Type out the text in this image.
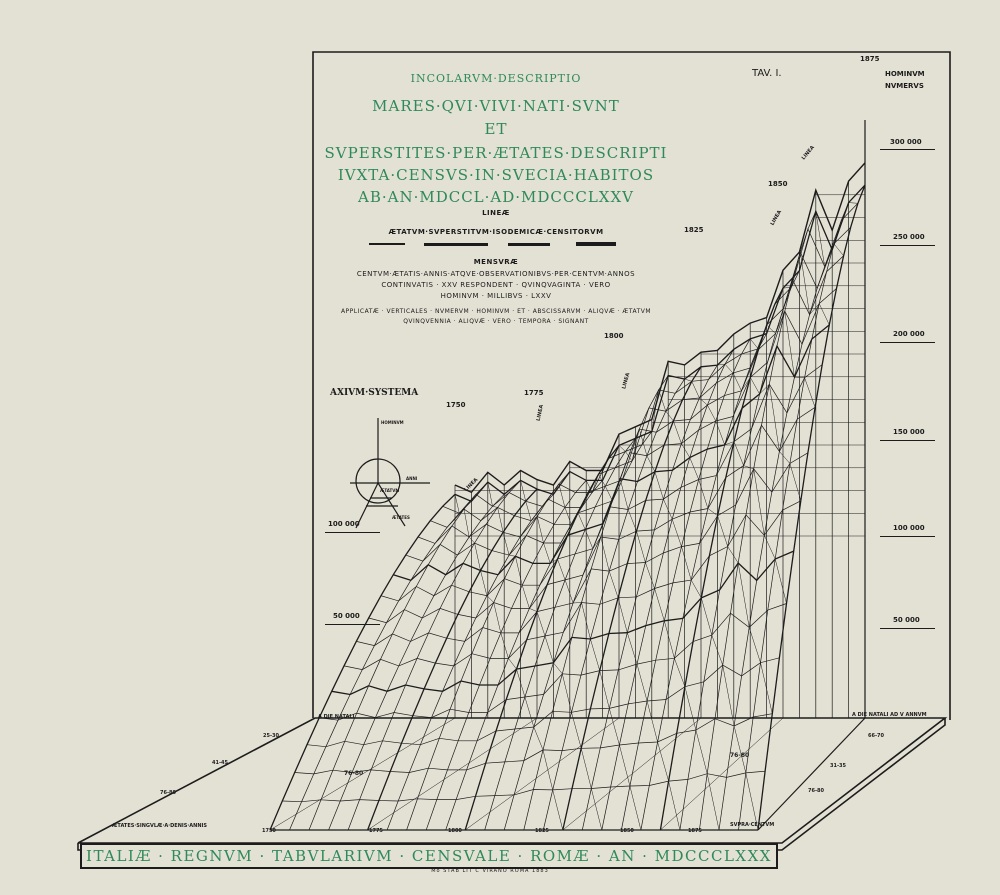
INCOLARVM·DESCRIPTIO
MARES·QVI·VIVI·NATI·SVNT
ET
SVPERSTITES·PER·ÆTATES·DESCRIPTI
IVXTA·CENSVS·IN·SVECIA·HABITOS
AB·AN·MDCCL·AD·MDCCCLXXV
LINEÆ
ÆTATVM·SVPERSTITVM·ISODEMICÆ·CENSITORVM
MENSVRÆ
CENTVM·ÆTATIS·ANNIS·ATQVE·OBSERVATIONIBVS·PER·CENTVM·ANNOS
CONTINVATIS · XXV RESPONDENT · QVINQVAGINTA · VERO
HOMINVM · MILLIBVS · LXXV
APPLICATÆ · VERTICALES · NVMERVM · HOMINVM · ET · ABSCISSARVM · ALIQVÆ · ÆTATVM
QVINQVENNIA · ALIQVÆ · VERO · TEMPORA · SIGNANT
TAV. I.	HOMINVM
NVMERVS
AXIVM·SYSTEMA
HOMINVM
ANNI
ÆTATVM
ÆTATES
300 000
250 000
200 000
150 000
100 000
50 000
100 000
50 000
1750
1775
1800
1825
1850
1875
LINEA
LINEA
LINEA
LINEA
LINEA
A DIE NATALI
25-30
41-45
76-80
ÆTATES·SINGVLÆ·A·DENIS·ANNIS
A DIE NATALI AD V ANNVM
66-70
31-35
76-80
1750	1775	1800	1825	1850	1875
SVPRA·CENTVM
76-80
76-80
ITALIÆ · REGNVM · TABVLARIVM · CENSVALE · ROMÆ · AN · MDCCCLXXX
Mo STAB LIT C VIRANO ROMA 1883
